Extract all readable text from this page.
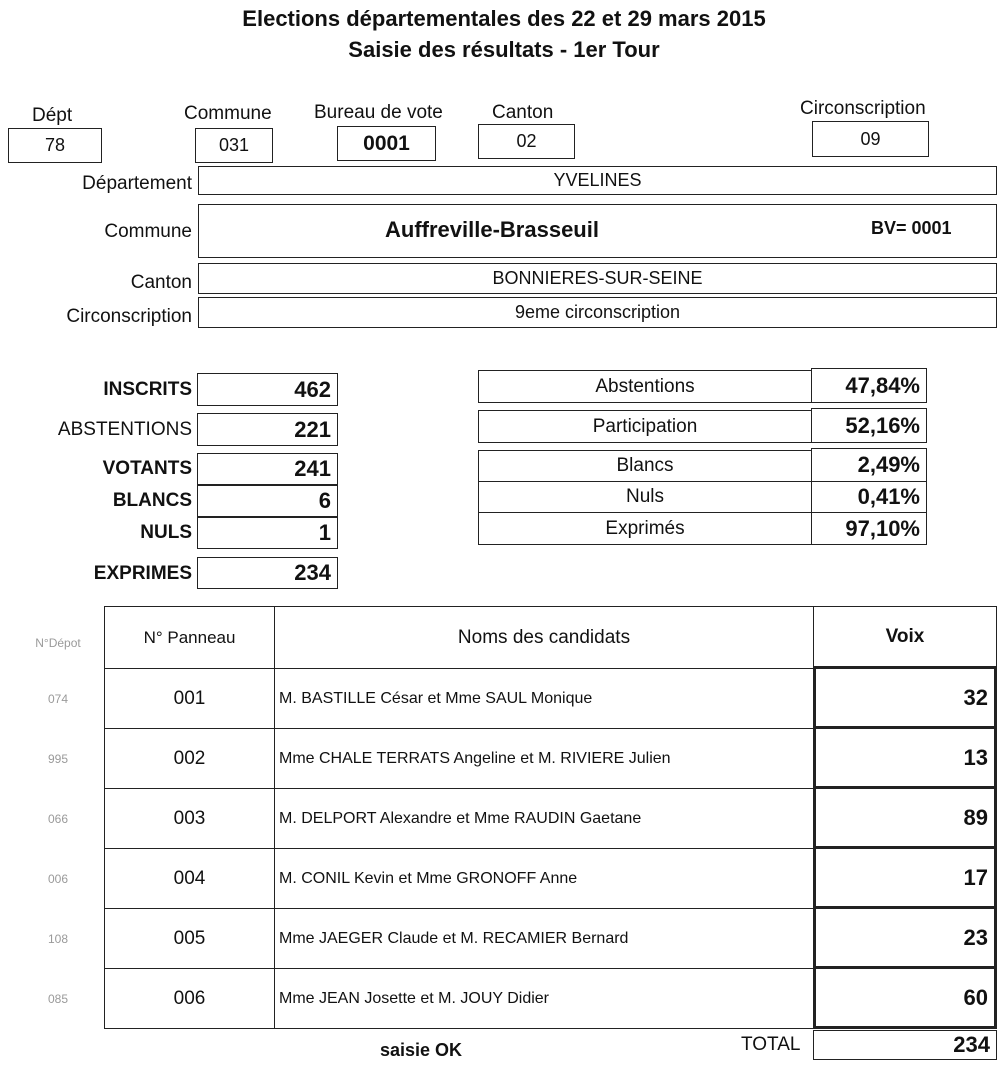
Elections départementales des 22 et 29 mars 2015
Saisie des résultats - 1er Tour
Dépt
78
Commune
031
Bureau de vote
0001
Canton
02
Circonscription
09
Département	YVELINES
Commune	Auffreville-Brasseuil	BV= 0001
Canton	BONNIERES-SUR-SEINE
Circonscription	9eme circonscription
INSCRITS	462
ABSTENTIONS	221
VOTANTS	241
BLANCS	6
NULS	1
EXPRIMES	234
Abstentions	47,84%
Participation	52,16%
Blancs	2,49%
Nuls	0,41%
Exprimés	97,10%
N°Dépot	N° Panneau	Noms des candidats	Voix
074	001	M. BASTILLE César et Mme SAUL Monique	32
995	002	Mme CHALE TERRATS Angeline et M. RIVIERE Julien	13
066	003	M. DELPORT Alexandre et Mme RAUDIN Gaetane	89
006	004	M. CONIL Kevin et Mme GRONOFF Anne	17
108	005	Mme JAEGER Claude et M. RECAMIER Bernard	23
085	006	Mme JEAN Josette et M. JOUY Didier	60
saisie OK	TOTAL	234
